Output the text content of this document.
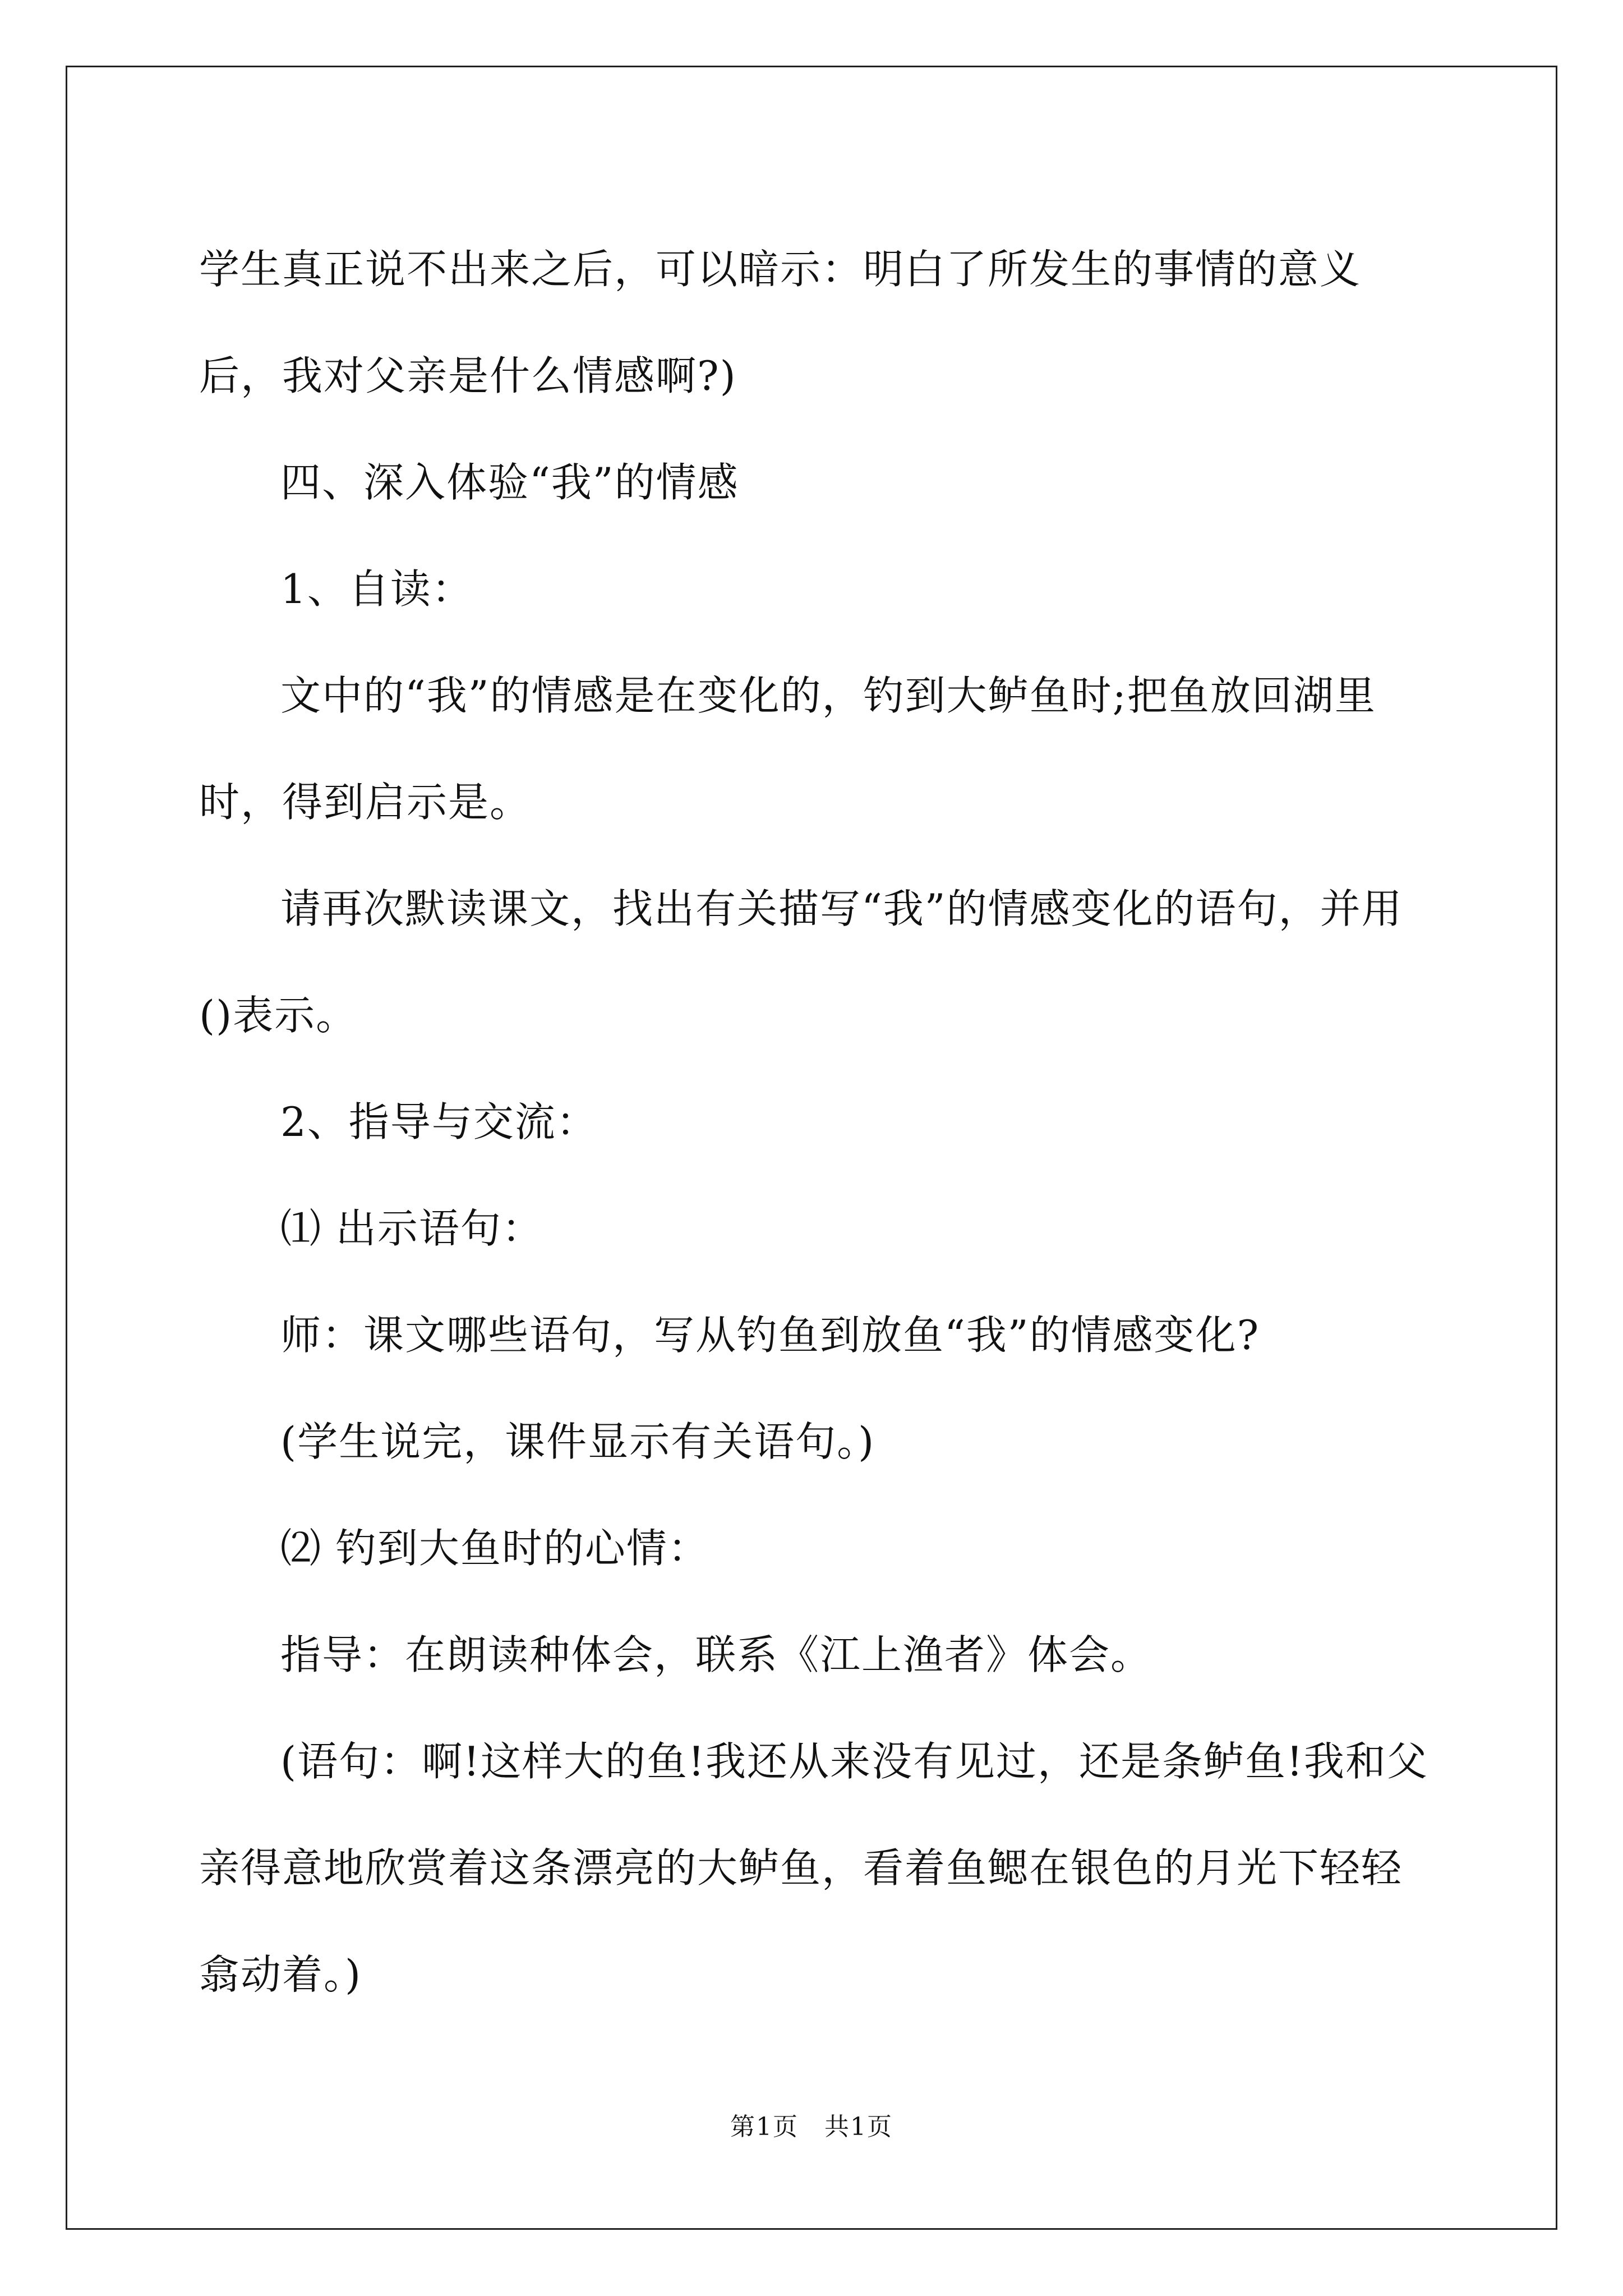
学生真正说不出来之后，可以暗示：明白了所发生的事情的意义后，我对父亲是什么情感啊?)

四、深入体验“我”的情感

1、自读：

文中的“我”的情感是在变化的，钓到大鲈鱼时;把鱼放回湖里时，得到启示是。

请再次默读课文，找出有关描写“我”的情感变化的语句，并用()表示。

2、指导与交流：

⑴ 出示语句：

师：课文哪些语句，写从钓鱼到放鱼“我”的情感变化?

(学生说完，课件显示有关语句。)

⑵ 钓到大鱼时的心情：

指导：在朗读种体会，联系《江上渔者》体会。

(语句：啊!这样大的鱼!我还从来没有见过，还是条鲈鱼!我和父亲得意地欣赏着这条漂亮的大鲈鱼，看着鱼鳃在银色的月光下轻轻翕动着。)

第1页　共1页
